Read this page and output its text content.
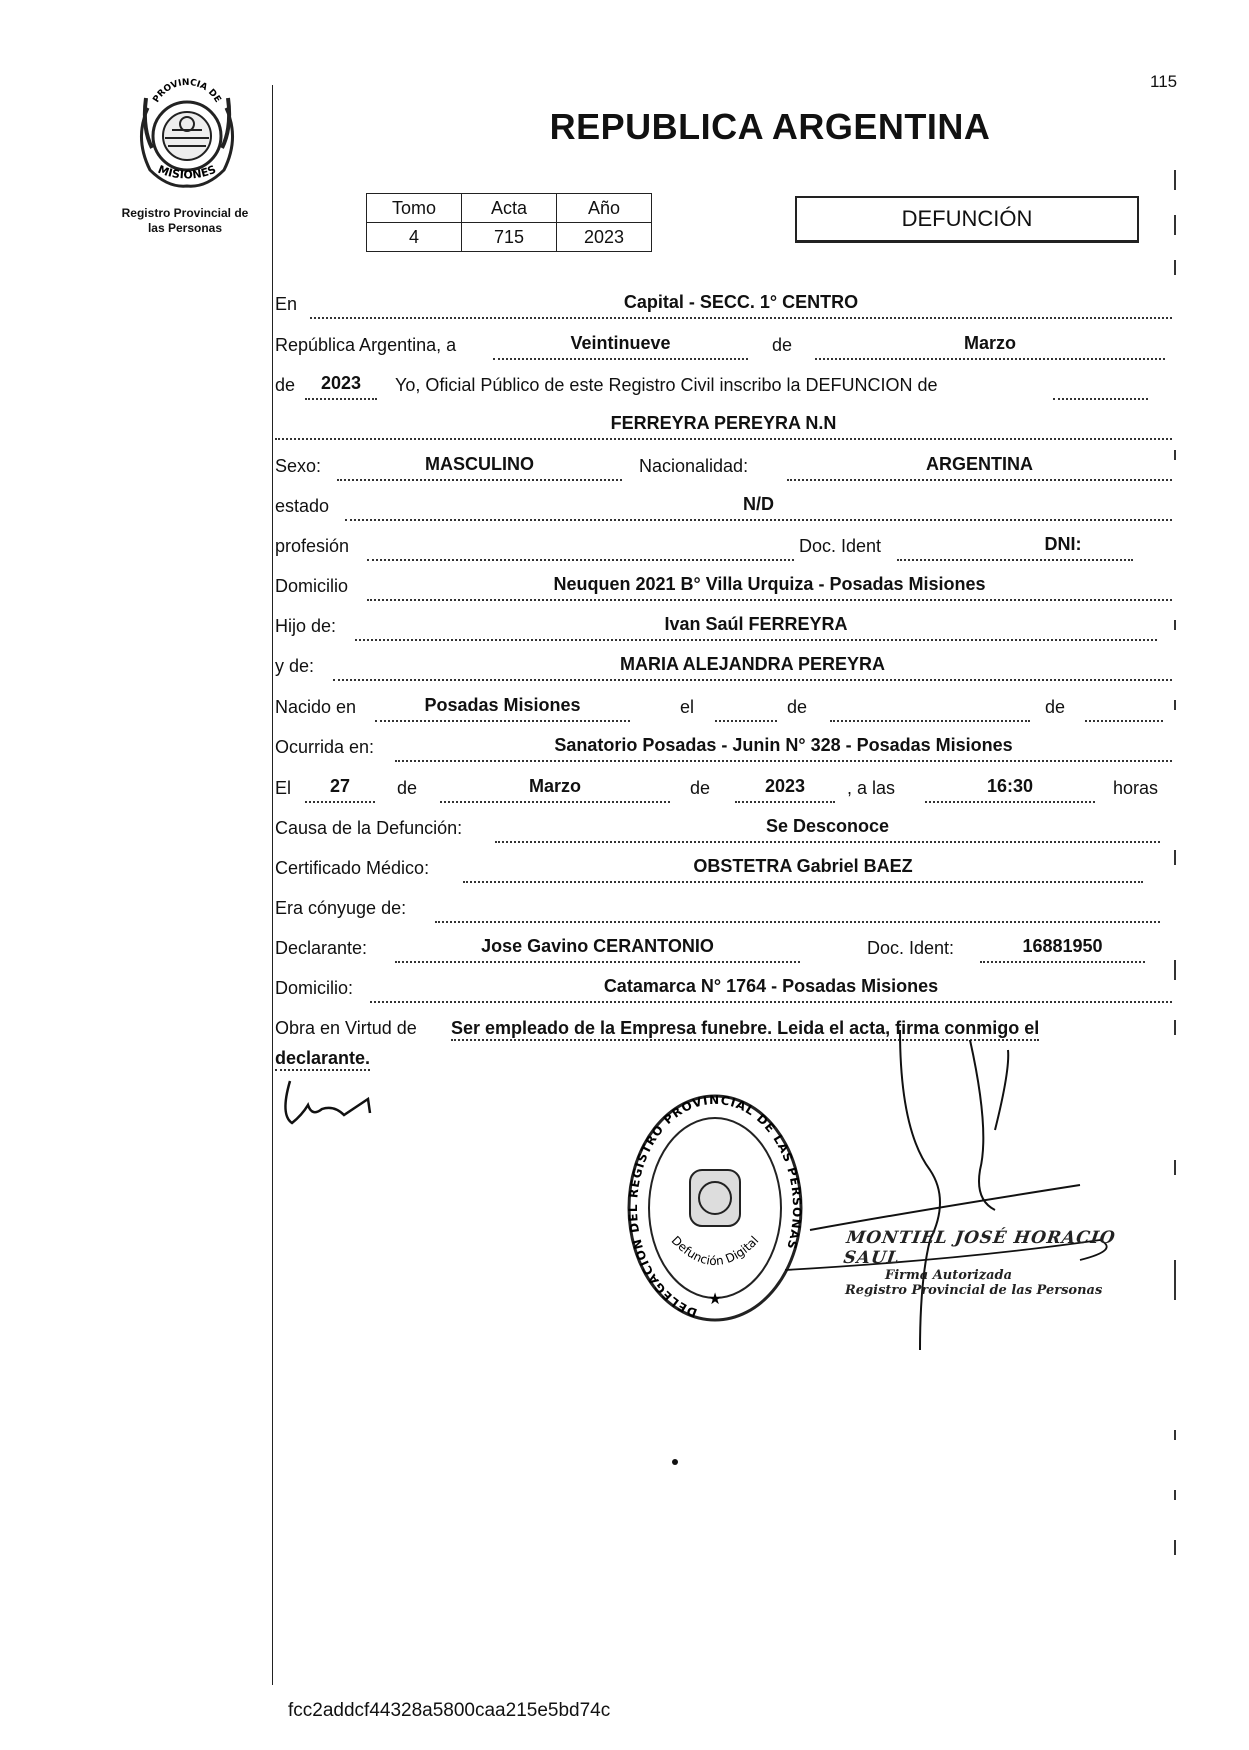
115
PROVINCIA DE
MISIONES
Registro Provincial de
las Personas
REPUBLICA ARGENTINA
Tomo	Acta	Año
4	715	2023
DEFUNCIÓN
En	Capital - SECC. 1° CENTRO
República Argentina, a	Veintinueve	de	Marzo
de	2023	Yo, Oficial Público de este Registro Civil inscribo la DEFUNCION de
FERREYRA PEREYRA N.N
Sexo:	MASCULINO	Nacionalidad:	ARGENTINA
estado	N/D
profesión	Doc. Ident	DNI:
Domicilio	Neuquen 2021 B° Villa Urquiza - Posadas Misiones
Hijo de:	Ivan Saúl FERREYRA
y de:	MARIA ALEJANDRA PEREYRA
Nacido en	Posadas Misiones	el	de	de
Ocurrida en:	Sanatorio Posadas - Junin N° 328 - Posadas Misiones
El	27	de	Marzo	de	2023	, a las	16:30	horas
Causa de la Defunción:	Se Desconoce
Certificado Médico:	OBSTETRA Gabriel BAEZ
Era cónyuge de:
Declarante:	Jose Gavino CERANTONIO	Doc. Ident:	16881950
Domicilio:	Catamarca N° 1764 - Posadas Misiones
Obra en Virtud de Ser empleado de la Empresa funebre. Leida el acta, firma conmigo el
declarante.
DELEGACION DEL REGISTRO PROVINCIAL DE LAS PERSONAS
Defunción Digital
★
MONTIEL JOSÉ HORACIO SAUL
Firma Autorizada
Registro Provincial de las Personas
fcc2addcf44328a5800caa215e5bd74c
